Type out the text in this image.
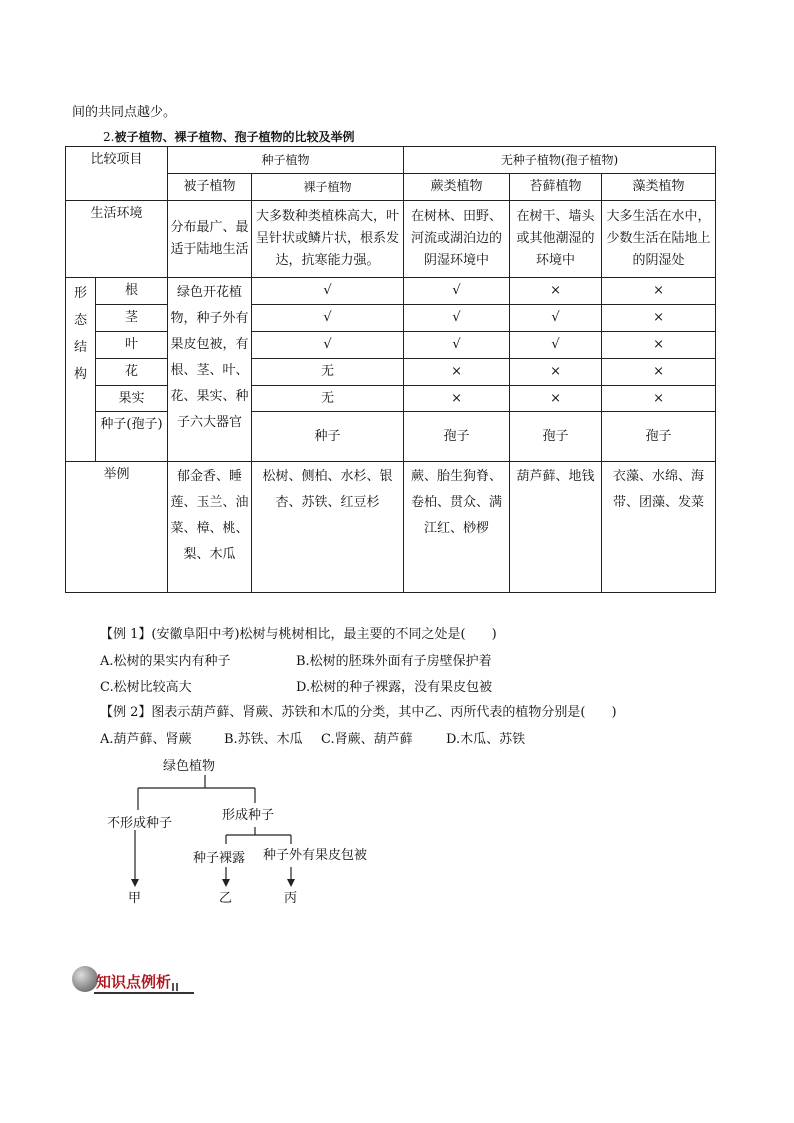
间的共同点越少。
2.被子植物、裸子植物、孢子植物的比较及举例
比较项目		种子植物		无种子植物(孢子植物)		
		被子植物	裸子植物	蕨类植物	苔藓植物	藻类植物
生活环境		分布最广、最适于陆地生活	大多数种类植株高大，叶呈针状或鳞片状，根系发达，抗寒能力强。	在树林、田野、河流或湖泊边的阴湿环境中	在树干、墙头或其他潮湿的环境中	大多生活在水中，少数生活在陆地上的阴湿处
形
态
结
构	根	绿色开花植物，种子外有果皮包被，有根、茎、叶、花、果实、种子六大器官	√	√	×	×
	茎		√	√	√	×
	叶		√	√	√	×
	花		无	×	×	×
	果实		无	×	×	×
	种子(孢子)		种子	孢子	孢子	孢子
举例		郁金香、睡莲、玉兰、油菜、樟、桃、梨、木瓜	松树、侧柏、水杉、银杏、苏铁、红豆杉	蕨、胎生狗脊、卷柏、贯众、满江红、桫椤	葫芦藓、地钱	衣藻、水绵、海带、团藻、发菜
【例 1】(安徽阜阳中考)松树与桃树相比，最主要的不同之处是(　　)
A.松树的果实内有种子	B.松树的胚珠外面有子房壁保护着
C.松树比较高大	D.松树的种子裸露，没有果皮包被
【例 2】图表示葫芦藓、肾蕨、苏铁和木瓜的分类，其中乙、丙所代表的植物分别是(　　)
A.葫芦藓、肾蕨 B.苏铁、木瓜 C.肾蕨、葫芦藓	D.木瓜、苏铁
绿色植物
不形成种子
形成种子
种子裸露 种子外有果皮包被
甲	乙	丙
知识点例析
